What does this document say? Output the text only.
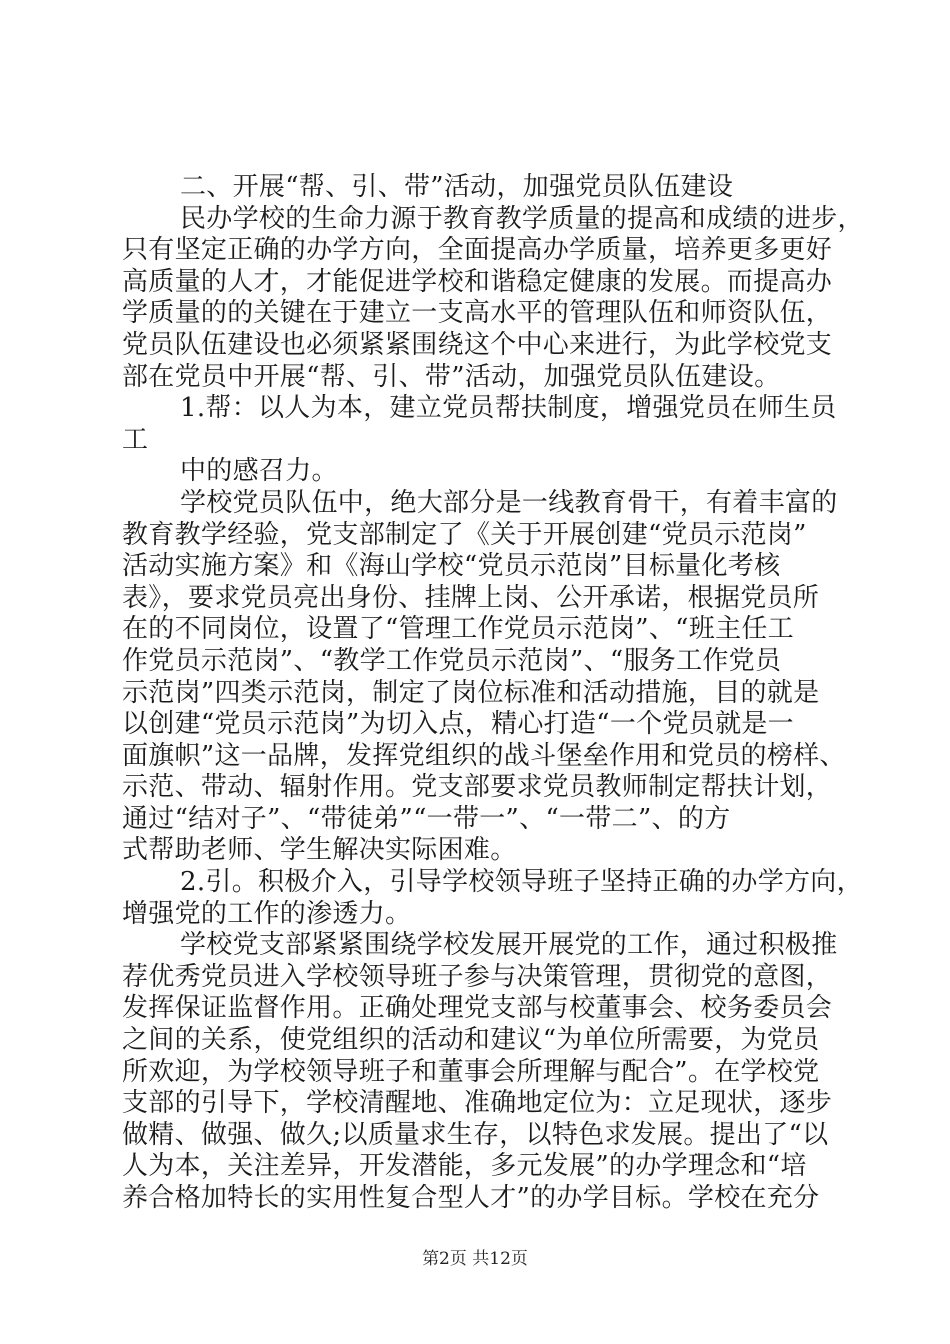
二、开展“帮、引、带”活动，加强党员队伍建设
民办学校的生命力源于教育教学质量的提高和成绩的进步，
只有坚定正确的办学方向，全面提高办学质量，培养更多更好
高质量的人才，才能促进学校和谐稳定健康的发展。而提高办
学质量的的关键在于建立一支高水平的管理队伍和师资队伍，
党员队伍建设也必须紧紧围绕这个中心来进行，为此学校党支
部在党员中开展“帮、引、带”活动，加强党员队伍建设。
1.帮：以人为本，建立党员帮扶制度，增强党员在师生员
工
中的感召力。
学校党员队伍中，绝大部分是一线教育骨干，有着丰富的
教育教学经验，党支部制定了《关于开展创建“党员示范岗”
活动实施方案》和《海山学校“党员示范岗”目标量化考核
表》，要求党员亮出身份、挂牌上岗、公开承诺，根据党员所
在的不同岗位，设置了“管理工作党员示范岗”、“班主任工
作党员示范岗”、“教学工作党员示范岗”、“服务工作党员
示范岗”四类示范岗，制定了岗位标准和活动措施，目的就是
以创建“党员示范岗”为切入点，精心打造“一个党员就是一
面旗帜”这一品牌，发挥党组织的战斗堡垒作用和党员的榜样、
示范、带动、辐射作用。党支部要求党员教师制定帮扶计划，
通过“结对子”、“带徒弟”“一带一”、“一带二”、的方
式帮助老师、学生解决实际困难。
2.引。积极介入，引导学校领导班子坚持正确的办学方向，
增强党的工作的渗透力。
学校党支部紧紧围绕学校发展开展党的工作，通过积极推
荐优秀党员进入学校领导班子参与决策管理，贯彻党的意图，
发挥保证监督作用。正确处理党支部与校董事会、校务委员会
之间的关系，使党组织的活动和建议“为单位所需要，为党员
所欢迎，为学校领导班子和董事会所理解与配合”。在学校党
支部的引导下，学校清醒地、准确地定位为：立足现状，逐步
做精、做强、做久;以质量求生存，以特色求发展。提出了“以
人为本，关注差异，开发潜能，多元发展”的办学理念和“培
养合格加特长的实用性复合型人才”的办学目标。学校在充分
第2页 共12页
